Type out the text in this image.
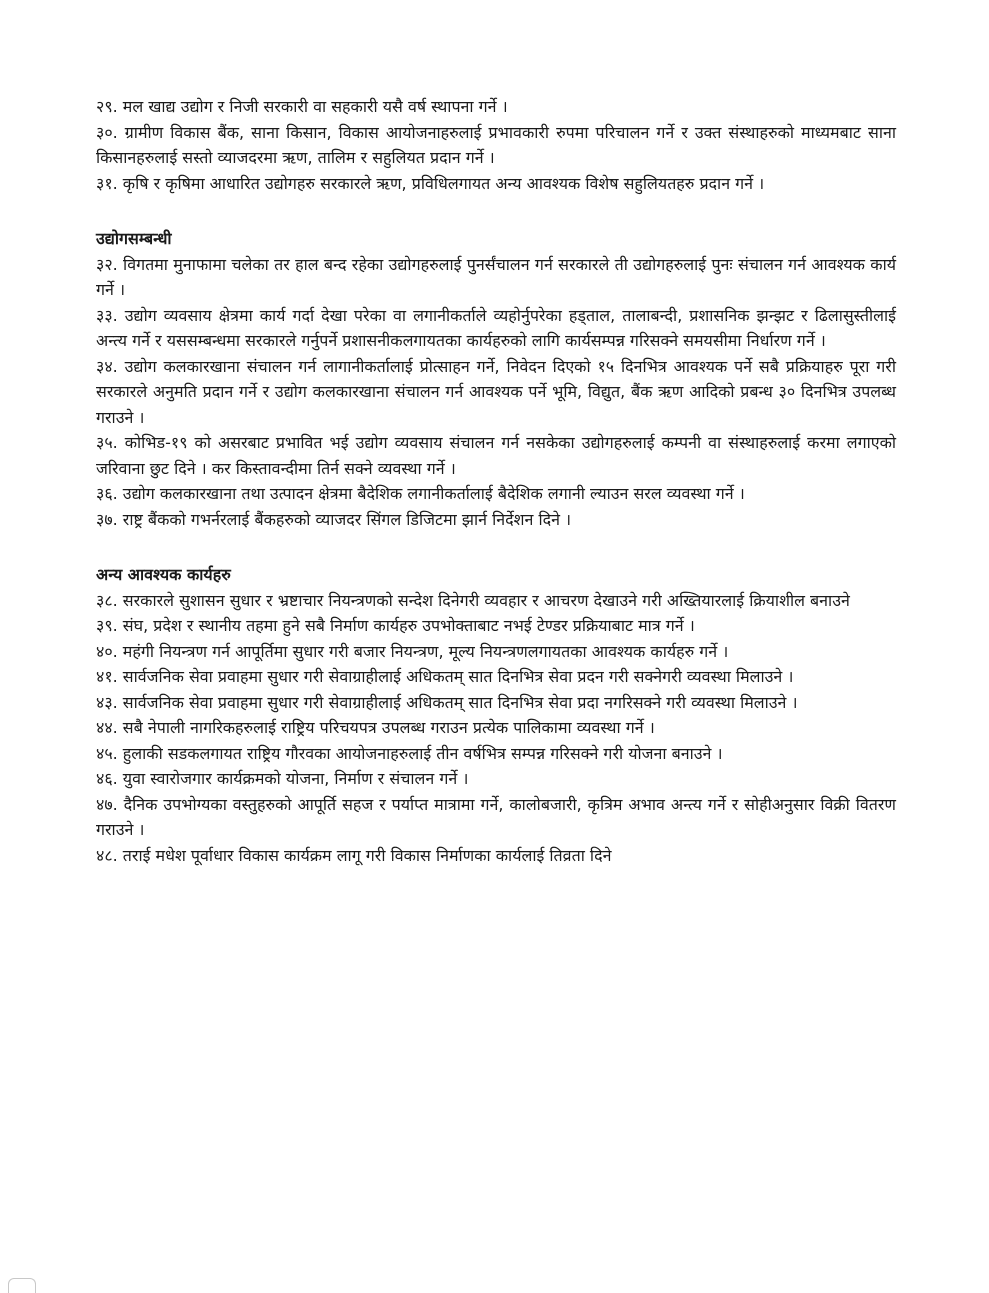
२९. मल खाद्य उद्योग र निजी सरकारी वा सहकारी यसै वर्ष स्थापना गर्ने ।

३०. ग्रामीण विकास बैंक, साना किसान, विकास आयोजनाहरुलाई प्रभावकारी रुपमा परिचालन गर्ने र उक्त संस्थाहरुको माध्यमबाट साना किसानहरुलाई सस्तो व्याजदरमा ऋण, तालिम र सहुलियत प्रदान गर्ने ।

३१. कृषि र कृषिमा आधारित उद्योगहरु सरकारले ऋण, प्रविधिलगायत अन्य आवश्यक विशेष सहुलियतहरु प्रदान गर्ने ।

उद्योगसम्बन्धी

३२. विगतमा मुनाफामा चलेका तर हाल बन्द रहेका उद्योगहरुलाई पुनर्संचालन गर्न सरकारले ती उद्योगहरुलाई पुनः संचालन गर्न आवश्यक कार्य गर्ने ।

३३. उद्योग व्यवसाय क्षेत्रमा कार्य गर्दा देखा परेका वा लगानीकर्ताले व्यहोर्नुपरेका हड्ताल, तालाबन्दी, प्रशासनिक झन्झट र ढिलासुस्तीलाई अन्त्य गर्ने र यससम्बन्धमा सरकारले गर्नुपर्ने प्रशासनीकलगायतका कार्यहरुको लागि कार्यसम्पन्न गरिसक्ने समयसीमा निर्धारण गर्ने ।

३४. उद्योग कलकारखाना संचालन गर्न लागानीकर्तालाई प्रोत्साहन गर्ने, निवेदन दिएको १५ दिनभित्र आवश्यक पर्ने सबै प्रक्रियाहरु पूरा गरी सरकारले अनुमति प्रदान गर्ने र उद्योग कलकारखाना संचालन गर्न आवश्यक पर्ने भूमि, विद्युत, बैंक ऋण आदिको प्रबन्ध ३० दिनभित्र उपलब्ध गराउने ।

३५. कोभिड-१९ को असरबाट प्रभावित भई उद्योग व्यवसाय संचालन गर्न नसकेका उद्योगहरुलाई कम्पनी वा संस्थाहरुलाई करमा लगाएको जरिवाना छुट दिने । कर किस्तावन्दीमा तिर्न सक्ने व्यवस्था गर्ने ।

३६. उद्योग कलकारखाना तथा उत्पादन क्षेत्रमा बैदेशिक लगानीकर्तालाई बैदेशिक लगानी ल्याउन सरल व्यवस्था गर्ने ।

३७. राष्ट्र बैंकको गभर्नरलाई बैंकहरुको व्याजदर सिंगल डिजिटमा झार्न निर्देशन दिने ।

अन्य आवश्यक कार्यहरु

३८. सरकारले सुशासन सुधार र भ्रष्टाचार नियन्त्रणको सन्देश दिनेगरी व्यवहार र आचरण देखाउने गरी अख्तियारलाई क्रियाशील बनाउने

३९. संघ, प्रदेश र स्थानीय तहमा हुने सबै निर्माण कार्यहरु उपभोक्ताबाट नभई टेण्डर प्रक्रियाबाट मात्र गर्ने ।

४०. महंगी नियन्त्रण गर्न आपूर्तिमा सुधार गरी बजार नियन्त्रण, मूल्य नियन्त्रणलगायतका आवश्यक कार्यहरु गर्ने ।

४१. सार्वजनिक सेवा प्रवाहमा सुधार गरी सेवाग्राहीलाई अधिकतम् सात दिनभित्र सेवा प्रदन गरी सक्नेगरी व्यवस्था मिलाउने ।

४३. सार्वजनिक सेवा प्रवाहमा सुधार गरी सेवाग्राहीलाई अधिकतम् सात दिनभित्र सेवा प्रदा नगरिसक्ने गरी व्यवस्था मिलाउने ।

४४. सबै नेपाली नागरिकहरुलाई राष्ट्रिय परिचयपत्र उपलब्ध गराउन प्रत्येक पालिकामा व्यवस्था गर्ने ।

४५. हुलाकी सडकलगायत राष्ट्रिय गौरवका आयोजनाहरुलाई तीन वर्षभित्र सम्पन्न गरिसक्ने गरी योजना बनाउने ।

४६. युवा स्वारोजगार कार्यक्रमको योजना, निर्माण र संचालन गर्ने ।

४७. दैनिक उपभोग्यका वस्तुहरुको आपूर्ति सहज र पर्याप्त मात्रामा गर्ने, कालोबजारी, कृत्रिम अभाव अन्त्य गर्ने र सोहीअनुसार विक्री वितरण गराउने ।

४८. तराई मधेश पूर्वाधार विकास कार्यक्रम लागू गरी विकास निर्माणका कार्यलाई तिव्रता दिने
